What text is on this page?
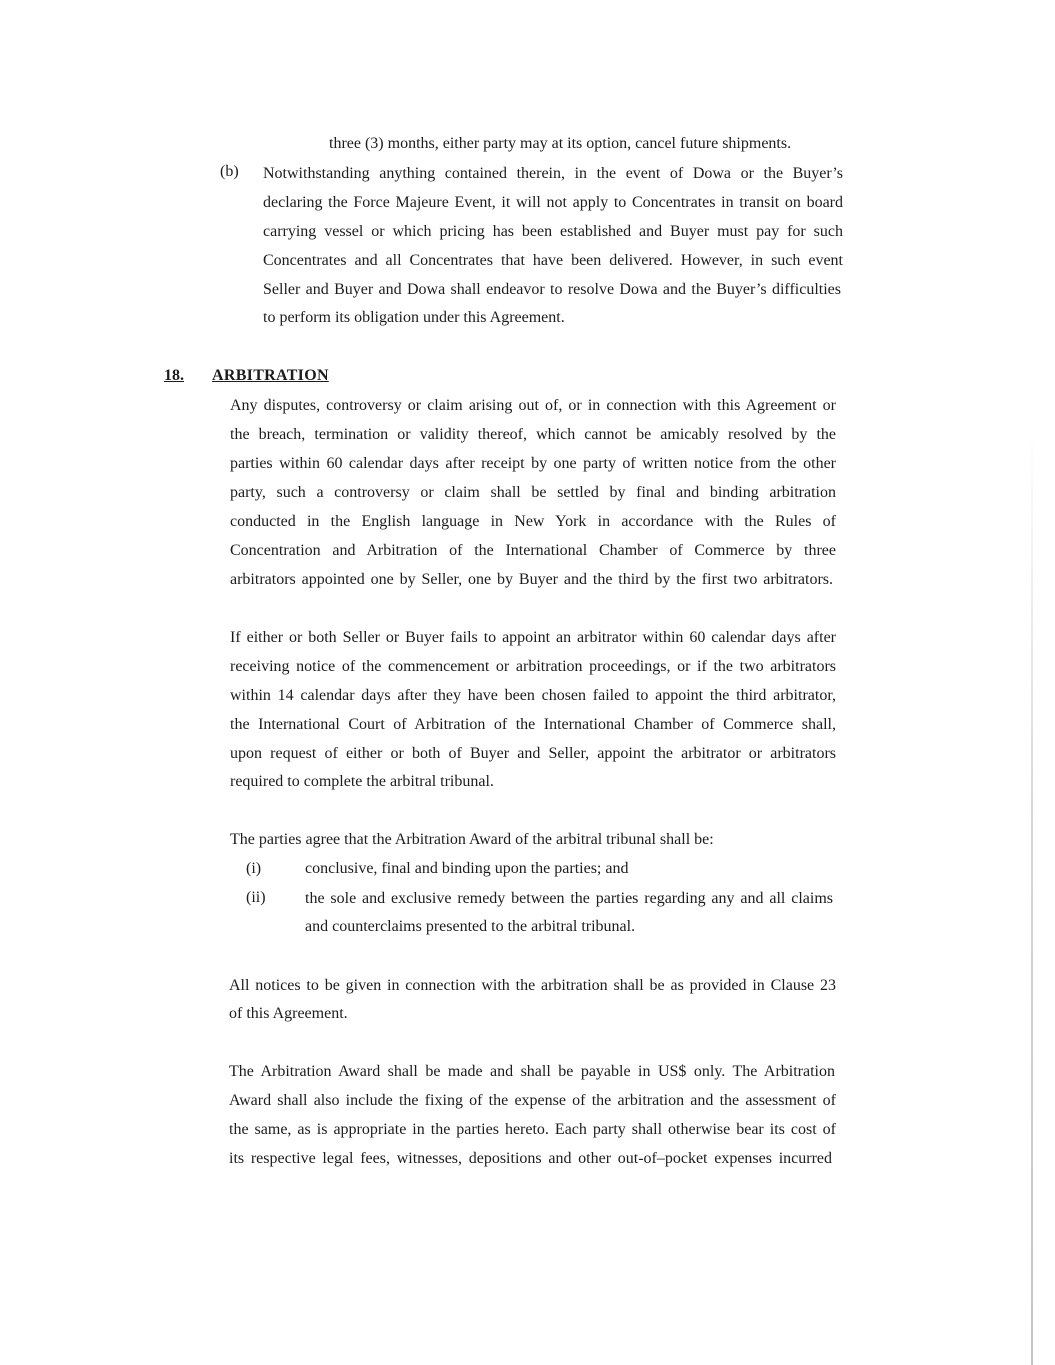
three (3) months, either party may at its option, cancel future shipments.
(b) Notwithstanding anything contained therein, in the event of Dowa or the Buyer’s
declaring the Force Majeure Event, it will not apply to Concentrates in transit on board
carrying vessel or which pricing has been established and Buyer must pay for such
Concentrates and all Concentrates that have been delivered. However, in such event
Seller and Buyer and Dowa shall endeavor to resolve Dowa and the Buyer’s difficulties
to perform its obligation under this Agreement.
18. ARBITRATION
Any disputes, controversy or claim arising out of, or in connection with this Agreement or
the breach, termination or validity thereof, which cannot be amicably resolved by the
parties within 60 calendar days after receipt by one party of written notice from the other
party, such a controversy or claim shall be settled by final and binding arbitration
conducted in the English language in New York in accordance with the Rules of
Concentration and Arbitration of the International Chamber of Commerce by three
arbitrators appointed one by Seller, one by Buyer and the third by the first two arbitrators.
If either or both Seller or Buyer fails to appoint an arbitrator within 60 calendar days after
receiving notice of the commencement or arbitration proceedings, or if the two arbitrators
within 14 calendar days after they have been chosen failed to appoint the third arbitrator,
the International Court of Arbitration of the International Chamber of Commerce shall,
upon request of either or both of Buyer and Seller, appoint the arbitrator or arbitrators
required to complete the arbitral tribunal.
The parties agree that the Arbitration Award of the arbitral tribunal shall be:
(i)	conclusive, final and binding upon the parties; and
(ii) the sole and exclusive remedy between the parties regarding any and all claims
and counterclaims presented to the arbitral tribunal.
All notices to be given in connection with the arbitration shall be as provided in Clause 23
of this Agreement.
The Arbitration Award shall be made and shall be payable in US$ only. The Arbitration
Award shall also include the fixing of the expense of the arbitration and the assessment of
the same, as is appropriate in the parties hereto. Each party shall otherwise bear its cost of
its respective legal fees, witnesses, depositions and other out-of–pocket expenses incurred
